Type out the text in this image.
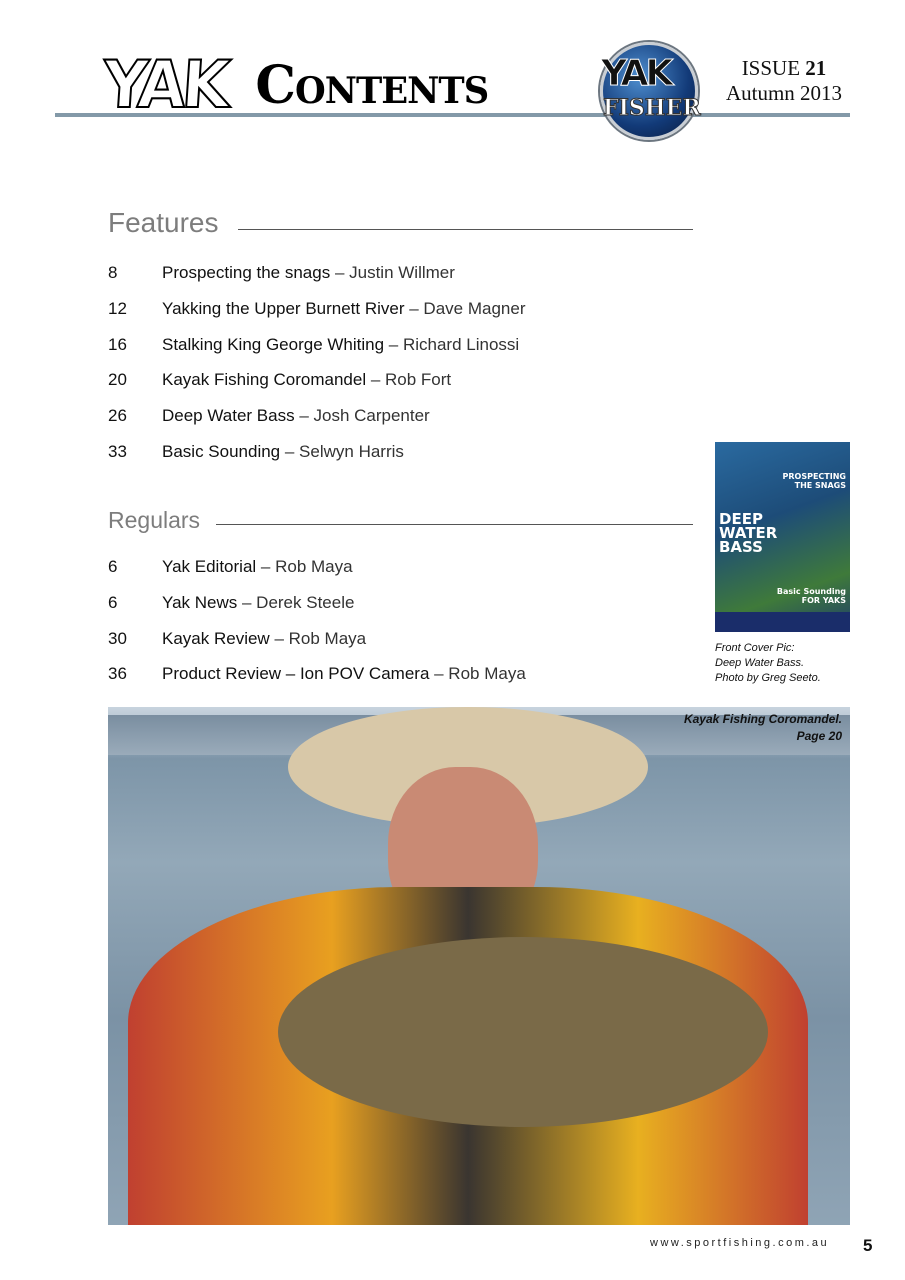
YAK Contents	YAK
FISHER
ISSUE 21
Autumn 2013
Features
8	Prospecting the snags – Justin Willmer
12 Yakking the Upper Burnett River – Dave Magner
16 Stalking King George Whiting – Richard Linossi
20 Kayak Fishing Coromandel – Rob Fort
26 Deep Water Bass – Josh Carpenter
33 Basic Sounding – Selwyn Harris
Regulars
6	Yak Editorial – Rob Maya
6	Yak News – Derek Steele
30 Kayak Review – Rob Maya
36 Product Review – Ion POV Camera – Rob Maya
DEEP
WATER
BASS
PROSPECTING
THE SNAGS
Basic Sounding
FOR YAKS
Front Cover Pic:
Deep Water Bass.
Photo by Greg Seeto.
Kayak Fishing Coromandel.
Page 20
www.sportfishing.com.au 5
